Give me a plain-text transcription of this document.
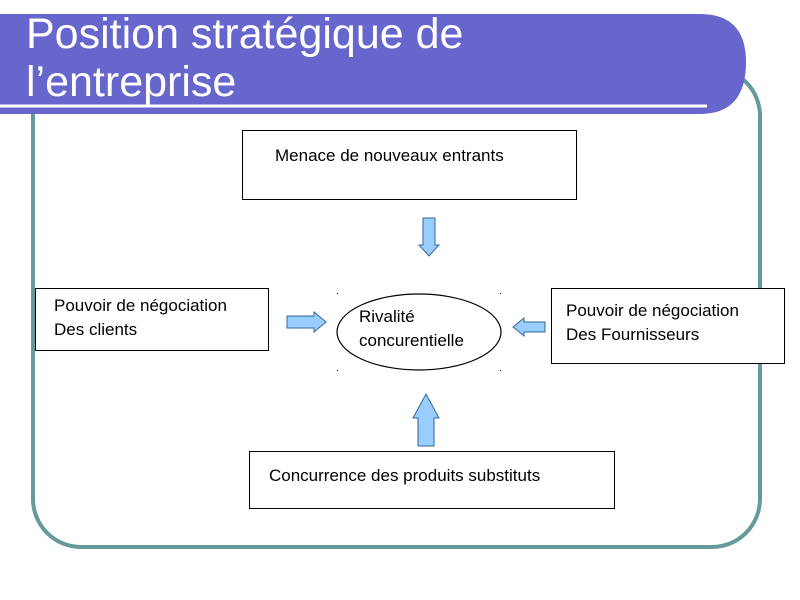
Position stratégique de
l’entreprise
Menace de nouveaux entrants
Pouvoir de négociation
Des clients
Pouvoir de négociation
Des Fournisseurs
Concurrence des produits substituts
Rivalité
concurentielle
